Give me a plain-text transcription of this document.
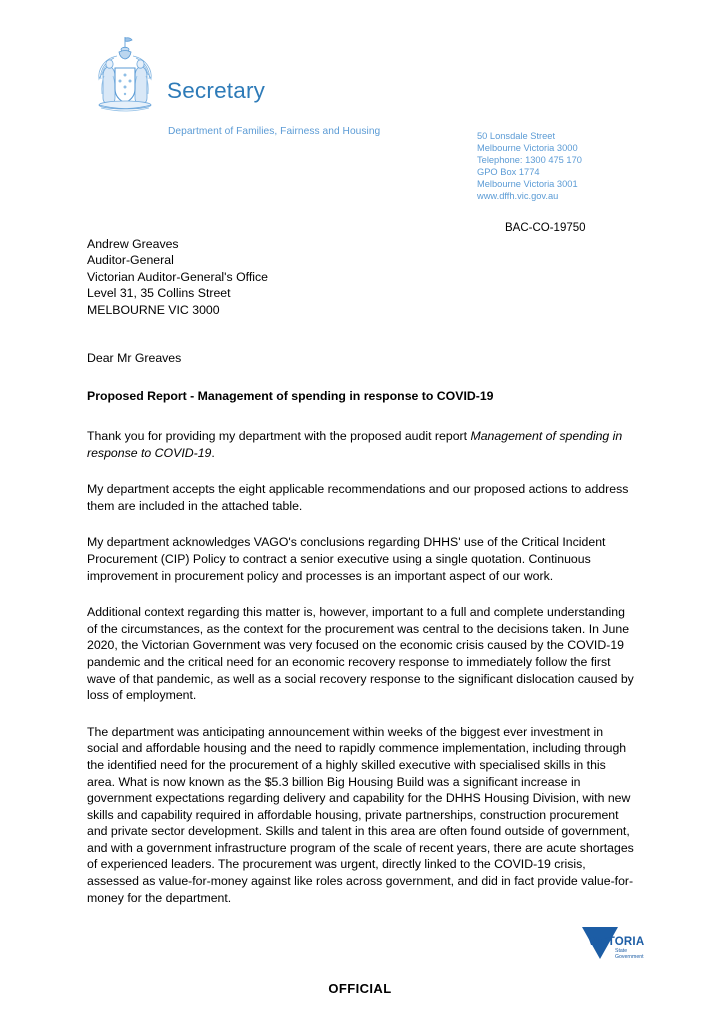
Secretary
Department of Families, Fairness and Housing	50 Lonsdale Street
Melbourne Victoria 3000
Telephone: 1300 475 170
GPO Box 1774
Melbourne Victoria 3001
www.dffh.vic.gov.au
BAC-CO-19750
Andrew Greaves
Auditor-General
Victorian Auditor-General's Office
Level 31, 35 Collins Street
MELBOURNE VIC 3000

Dear Mr Greaves

Proposed Report - Management of spending in response to COVID-19

Thank you for providing my department with the proposed audit report Management of spending in response to COVID-19.

My department accepts the eight applicable recommendations and our proposed actions to address them are included in the attached table.

My department acknowledges VAGO's conclusions regarding DHHS' use of the Critical Incident Procurement (CIP) Policy to contract a senior executive using a single quotation. Continuous improvement in procurement policy and processes is an important aspect of our work.

Additional context regarding this matter is, however, important to a full and complete understanding of the circumstances, as the context for the procurement was central to the decisions taken. In June 2020, the Victorian Government was very focused on the economic crisis caused by the COVID-19 pandemic and the critical need for an economic recovery response to immediately follow the first wave of that pandemic, as well as a social recovery response to the significant dislocation caused by loss of employment.

The department was anticipating announcement within weeks of the biggest ever investment in social and affordable housing and the need to rapidly commence implementation, including through the identified need for the procurement of a highly skilled executive with specialised skills in this area. What is now known as the $5.3 billion Big Housing Build was a significant increase in government expectations regarding delivery and capability for the DHHS Housing Division, with new skills and capability required in affordable housing, private partnerships, construction procurement and private sector development. Skills and talent in this area are often found outside of government, and with a government infrastructure program of the scale of recent years, there are acute shortages of experienced leaders. The procurement was urgent, directly linked to the COVID-19 crisis, assessed as value-for-money against like roles across government, and did in fact provide value-for-money for the department.

VICTORIA
State
Government
OFFICIAL
